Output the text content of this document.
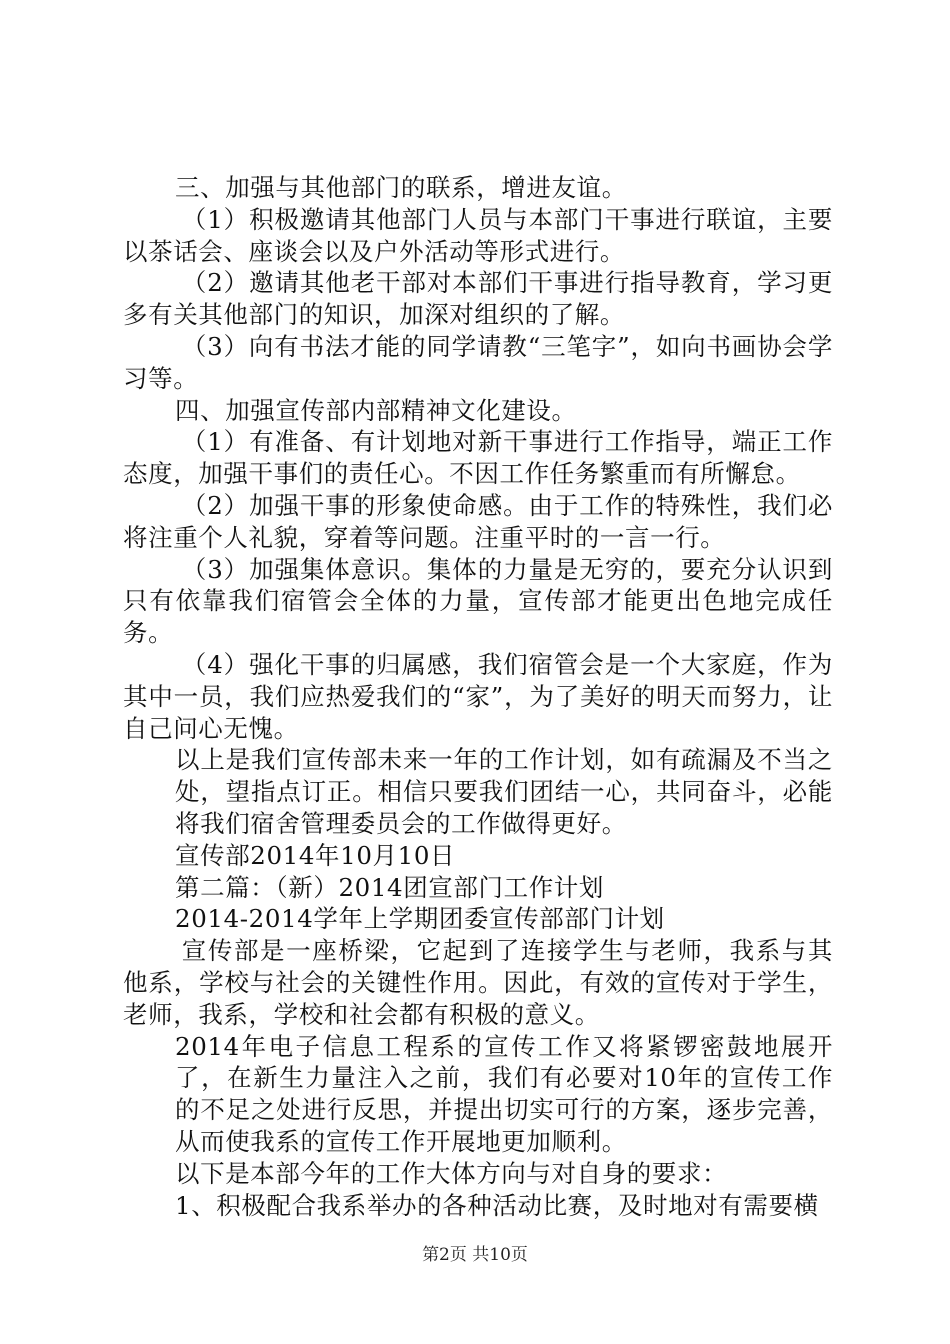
三、加强与其他部门的联系，增进友谊。

（1）积极邀请其他部门人员与本部门干事进行联谊，主要以茶话会、座谈会以及户外活动等形式进行。

（2）邀请其他老干部对本部们干事进行指导教育，学习更多有关其他部门的知识，加深对组织的了解。

（3）向有书法才能的同学请教“三笔字”，如向书画协会学习等。

四、加强宣传部内部精神文化建设。

（1）有准备、有计划地对新干事进行工作指导，端正工作态度，加强干事们的责任心。不因工作任务繁重而有所懈怠。

（2）加强干事的形象使命感。由于工作的特殊性，我们必将注重个人礼貌，穿着等问题。注重平时的一言一行。

（3）加强集体意识。集体的力量是无穷的，要充分认识到只有依靠我们宿管会全体的力量，宣传部才能更出色地完成任务。

（4）强化干事的归属感，我们宿管会是一个大家庭，作为其中一员，我们应热爱我们的“家”，为了美好的明天而努力，让自己问心无愧。

以上是我们宣传部未来一年的工作计划，如有疏漏及不当之处，望指点订正。相信只要我们团结一心，共同奋斗，必能将我们宿舍管理委员会的工作做得更好。

宣传部2014年10月10日

第二篇：（新）2014团宣部门工作计划

2014-2014学年上学期团委宣传部部门计划

宣传部是一座桥梁，它起到了连接学生与老师，我系与其他系，学校与社会的关键性作用。因此，有效的宣传对于学生，老师，我系，学校和社会都有积极的意义。

2014年电子信息工程系的宣传工作又将紧锣密鼓地展开了，在新生力量注入之前，我们有必要对10年的宣传工作的不足之处进行反思，并提出切实可行的方案，逐步完善，从而使我系的宣传工作开展地更加顺利。

以下是本部今年的工作大体方向与对自身的要求：

1、积极配合我系举办的各种活动比赛，及时地对有需要横

第2页 共10页
